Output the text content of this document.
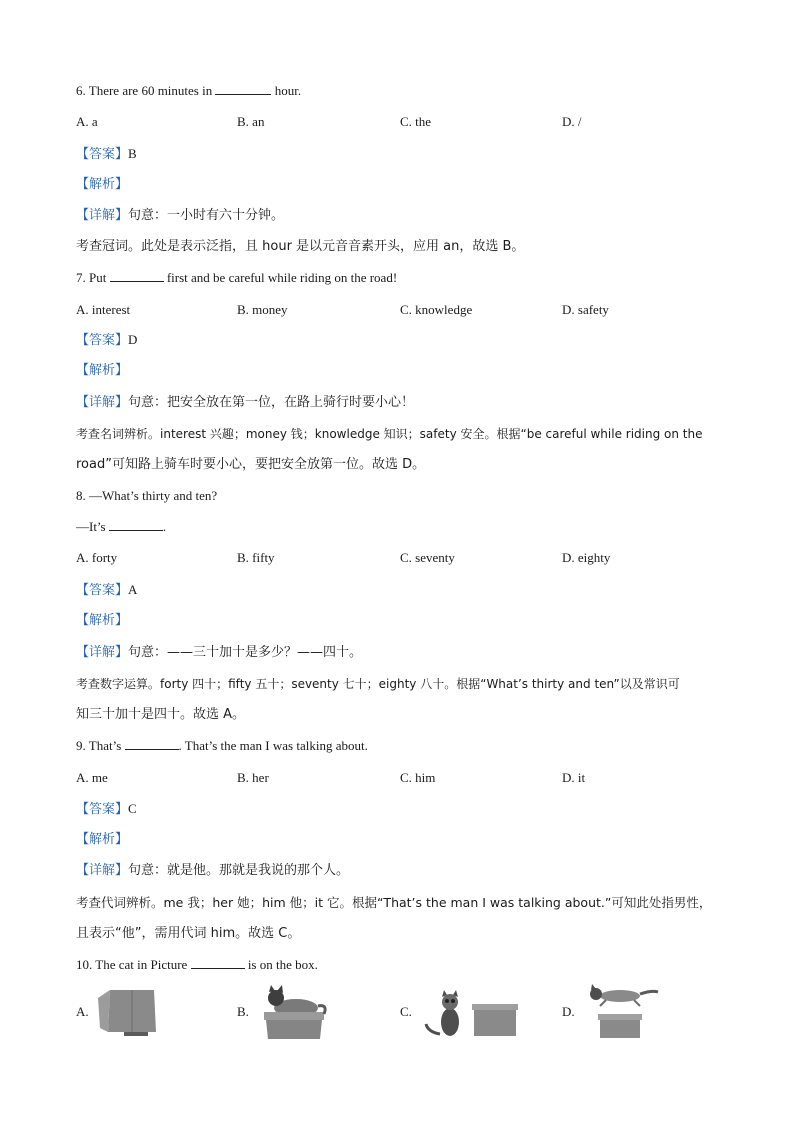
6. There are 60 minutes in	hour.
A. a	B. an	C. the	D. /
【答案】B
【解析】
【详解】句意：一小时有六十分钟。
考查冠词。此处是表示泛指，且 hour 是以元音音素开头，应用 an，故选 B。
7. Put	first and be careful while riding on the road!
A. interest	B. money	C. knowledge	D. safety
【答案】D
【解析】
【详解】句意：把安全放在第一位，在路上骑行时要小心！
考查名词辨析。interest 兴趣；money 钱；knowledge 知识；safety 安全。根据“be careful while riding on the
road”可知路上骑车时要小心，要把安全放第一位。故选 D。
8. —What’s thirty and ten?
—It’s	.
A. forty	B. fifty	C. seventy	D. eighty
【答案】A
【解析】
【详解】句意：——三十加十是多少？——四十。
考查数字运算。forty 四十；fifty 五十；seventy 七十；eighty 八十。根据“What’s thirty and ten”以及常识可
知三十加十是四十。故选 A。
9. That’s	. That’s the man I was talking about.
A. me	B. her	C. him	D. it
【答案】C
【解析】
【详解】句意：就是他。那就是我说的那个人。
考查代词辨析。me 我；her 她；him 他；it 它。根据“That’s the man I was talking about.”可知此处指男性，
且表示“他”，需用代词 him。故选 C。
10. The cat in Picture	is on the box.
A.	B.	C.	D.
